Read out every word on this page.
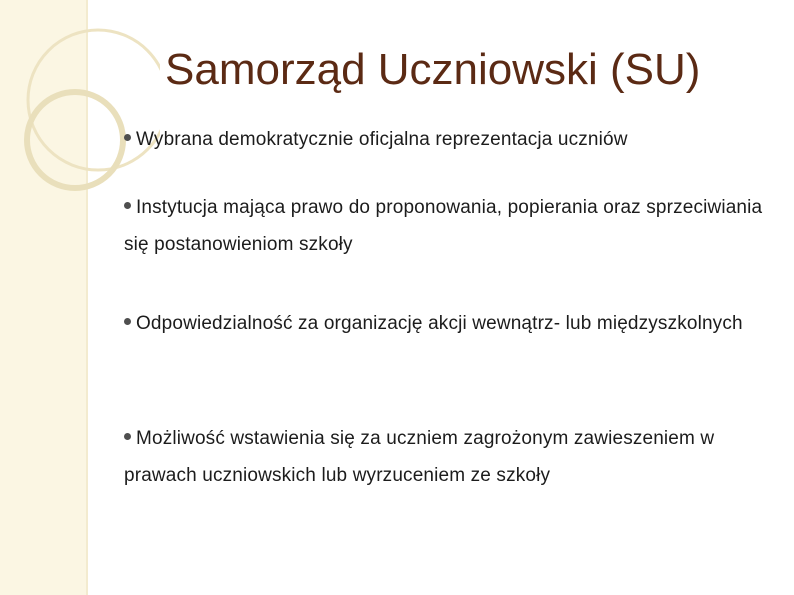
Samorząd Uczniowski (SU)
Wybrana demokratycznie oficjalna reprezentacja uczniów
Instytucja mająca prawo do proponowania, popierania oraz sprzeciwiania się postanowieniom szkoły
Odpowiedzialność za organizację akcji wewnątrz- lub międzyszkolnych
Możliwość wstawienia się za uczniem zagrożonym zawieszeniem w prawach uczniowskich lub wyrzuceniem ze szkoły
